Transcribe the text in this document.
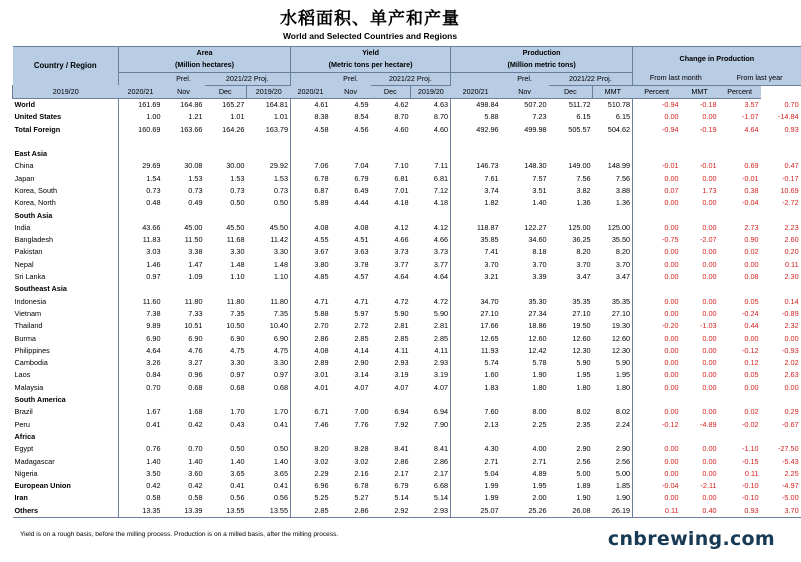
水稻面积、单产和产量
World and Selected Countries and Regions
Country / Region	Area				Yield				Production				Change in Production			
	(Million hectares)				(Metric tons per hectare)				(Million metric tons)							
		Prel.	2021/22 Proj.			Prel.	2021/22 Proj.			Prel.	2021/22 Proj.		From last month		From last year	
2019/20	2020/21	Nov	Dec	2019/20	2020/21	Nov	Dec	2019/20	2020/21	Nov	Dec	MMT	Percent	MMT	Percent	
World	161.69	164.86	165.27	164.81	4.61	4.59	4.62	4.63	498.84	507.20	511.72	510.78	-0.94	-0.18	3.57	0.70
United States	1.00	1.21	1.01	1.01	8.38	8.54	8.70	8.70	5.88	7.23	6.15	6.15	0.00	0.00	-1.07	-14.84
Total Foreign	160.69	163.66	164.26	163.79	4.58	4.56	4.60	4.60	492.96	499.98	505.57	504.62	-0.94	-0.19	4.64	0.93

East Asia																
China	29.69	30.08	30.00	29.92	7.06	7.04	7.10	7.11	146.73	148.30	149.00	148.99	-0.01	-0.01	0.69	0.47
Japan	1.54	1.53	1.53	1.53	6.78	6.79	6.81	6.81	7.61	7.57	7.56	7.56	0.00	0.00	-0.01	-0.17
Korea, South	0.73	0.73	0.73	0.73	6.87	6.49	7.01	7.12	3.74	3.51	3.82	3.88	0.07	1.73	0.38	10.69
Korea, North	0.48	0.49	0.50	0.50	5.89	4.44	4.18	4.18	1.82	1.40	1.36	1.36	0.00	0.00	-0.04	-2.72
South Asia																
India	43.66	45.00	45.50	45.50	4.08	4.08	4.12	4.12	118.87	122.27	125.00	125.00	0.00	0.00	2.73	2.23
Bangladesh	11.83	11.50	11.68	11.42	4.55	4.51	4.66	4.66	35.85	34.60	36.25	35.50	-0.75	-2.07	0.90	2.60
Pakistan	3.03	3.38	3.30	3.30	3.67	3.63	3.73	3.73	7.41	8.18	8.20	8.20	0.00	0.00	0.02	0.20
Nepal	1.46	1.47	1.48	1.48	3.80	3.78	3.77	3.77	3.70	3.70	3.70	3.70	0.00	0.00	0.00	0.11
Sri Lanka	0.97	1.09	1.10	1.10	4.85	4.57	4.64	4.64	3.21	3.39	3.47	3.47	0.00	0.00	0.08	2.30
Southeast Asia																
Indonesia	11.60	11.80	11.80	11.80	4.71	4.71	4.72	4.72	34.70	35.30	35.35	35.35	0.00	0.00	0.05	0.14
Vietnam	7.38	7.33	7.35	7.35	5.88	5.97	5.90	5.90	27.10	27.34	27.10	27.10	0.00	0.00	-0.24	-0.89
Thailand	9.89	10.51	10.50	10.40	2.70	2.72	2.81	2.81	17.66	18.86	19.50	19.30	-0.20	-1.03	0.44	2.32
Burma	6.90	6.90	6.90	6.90	2.86	2.85	2.85	2.85	12.65	12.60	12.60	12.60	0.00	0.00	0.00	0.00
Philippines	4.64	4.76	4.75	4.75	4.08	4.14	4.11	4.11	11.93	12.42	12.30	12.30	0.00	0.00	-0.12	-0.93
Cambodia	3.26	3.27	3.30	3.30	2.89	2.90	2.93	2.93	5.74	5.78	5.90	5.90	0.00	0.00	0.12	2.02
Laos	0.84	0.96	0.97	0.97	3.01	3.14	3.19	3.19	1.60	1.90	1.95	1.95	0.00	0.00	0.05	2.63
Malaysia	0.70	0.68	0.68	0.68	4.01	4.07	4.07	4.07	1.83	1.80	1.80	1.80	0.00	0.00	0.00	0.00
South America																
Brazil	1.67	1.68	1.70	1.70	6.71	7.00	6.94	6.94	7.60	8.00	8.02	8.02	0.00	0.00	0.02	0.29
Peru	0.41	0.42	0.43	0.41	7.46	7.76	7.92	7.90	2.13	2.25	2.35	2.24	-0.12	-4.89	-0.02	-0.67
Africa																
Egypt	0.76	0.70	0.50	0.50	8.20	8.28	8.41	8.41	4.30	4.00	2.90	2.90	0.00	0.00	-1.10	-27.50
Madagascar	1.40	1.40	1.40	1.40	3.02	3.02	2.86	2.86	2.71	2.71	2.56	2.56	0.00	0.00	-0.15	-5.43
Nigeria	3.50	3.60	3.65	3.65	2.29	2.16	2.17	2.17	5.04	4.89	5.00	5.00	0.00	0.00	0.11	2.25
European Union	0.42	0.42	0.41	0.41	6.96	6.78	6.79	6.68	1.99	1.95	1.89	1.85	-0.04	-2.11	-0.10	-4.97
Iran	0.58	0.58	0.56	0.56	5.25	5.27	5.14	5.14	1.99	2.00	1.90	1.90	0.00	0.00	-0.10	-5.00
Others	13.35	13.39	13.55	13.55	2.85	2.86	2.92	2.93	25.07	25.26	26.08	26.19	0.11	0.40	0.93	3.70
Yield is on a rough basis, before the milling process. Production is on a milled basis, after the milling process.	cnbrewing.com
